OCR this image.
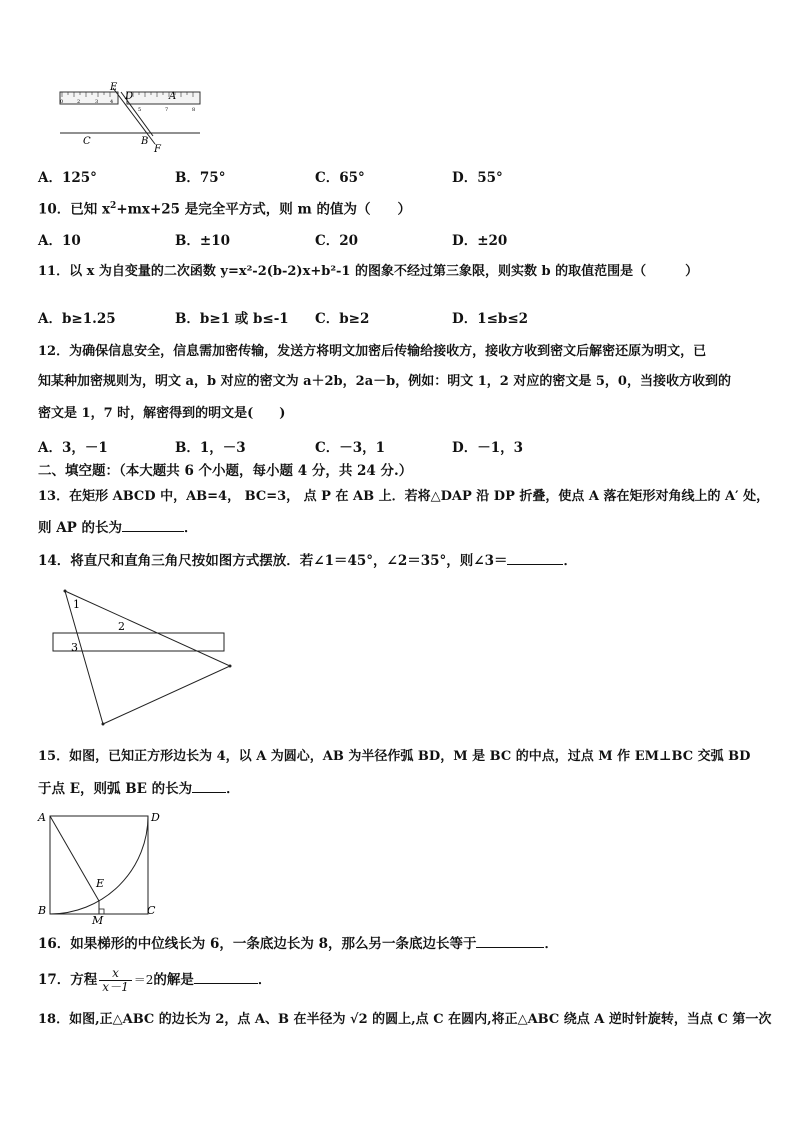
0	2	3 4
5	7	8
E
D	A
C	B
F
A．125°	B．75°	C．65°	D．55°
10．已知 $x^2+mx+25$ 是完全平方式，则 m 的值为（　　）
A．10	B．±10	C．20	D．±20
11．以 x 为自变量的二次函数 y=x²-2(b-2)x+b²-1 的图象不经过第三象限，则实数 b 的取值范围是（　　　）
A．b≥1.25	B．b≥1 或 b≤-1 C．b≥2	D．1≤b≤2
12．为确保信息安全，信息需加密传输，发送方将明文加密后传输给接收方，接收方收到密文后解密还原为明文，已
知某种加密规则为，明文 a，b 对应的密文为 a＋2b，2a－b，例如：明文 1，2 对应的密文是 5，0，当接收方收到的
密文是 1，7 时，解密得到的明文是(　　)
A．3，－1	B．1，－3	C．－3，1	D．－1，3
二、填空题：（本大题共 6 个小题，每小题 4 分，共 24 分.）
13．在矩形 ABCD 中，AB=4， BC=3， 点 P 在 AB 上．若将△DAP 沿 DP 折叠，使点 A 落在矩形对角线上的 A′ 处，
则 AP 的长为	．
14．将直尺和直角三角尺按如图方式摆放．若∠1＝45°，∠2＝35°，则∠3＝	．
1
2
3
15．如图，已知正方形边长为 4，以 A 为圆心，AB 为半径作弧 BD，M 是 BC 的中点，过点 M 作 EM⊥BC 交弧 BD
于点 E，则弧 BE 的长为	．
A	D
E
B
M
C
16．如果梯形的中位线长为 6，一条底边长为 8，那么另一条底边长等于	．
17．方程 $\frac{x}{x-1} =2$的解是	．
18．如图,正△ABC 的边长为 2，点 A、B 在半径为 √2 的圆上,点 C 在圆内,将正△ABC 绕点 A 逆时针旋转，当点 C 第一次
